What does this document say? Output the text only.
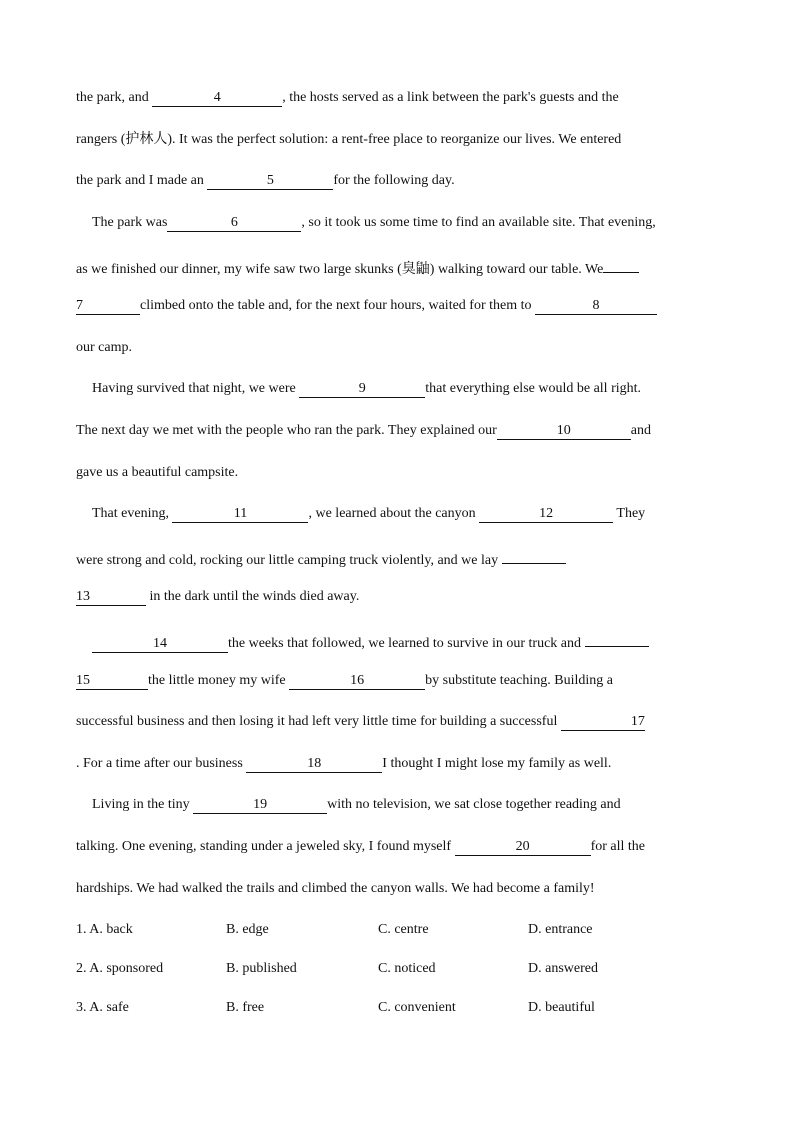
the park, and	4	, the hosts served as a link between the park's guests and the
rangers (护林人). It was the perfect solution: a rent-free place to reorganize our lives. We entered
the park and I made an	5	for the following day.
The park was	6	, so it took us some time to find an available site. That evening,
as we finished our dinner, my wife saw two large skunks (臭鼬) walking toward our table. We
7	climbed onto the table and, for the next four hours, waited for them to	8
our camp.
Having survived that night, we were	9	that everything else would be all right.
The next day we met with the people who ran the park. They explained our	10	and
gave us a beautiful campsite.
That evening,	11	, we learned about the canyon	12	They
were strong and cold, rocking our little camping truck violently, and we lay
13	in the dark until the winds died away.
14	the weeks that followed, we learned to survive in our truck and
15	the little money my wife	16	by substitute teaching. Building a
successful business and then losing it had left very little time for building a successful	17
. For a time after our business	18	I thought I might lose my family as well.
Living in the tiny	19	with no television, we sat close together reading and
talking. One evening, standing under a jeweled sky, I found myself	20	for all the
hardships. We had walked the trails and climbed the canyon walls. We had become a family!
1. A. back	B. edge	C. centre	D. entrance
2. A. sponsored	B. published	C. noticed	D. answered
3. A. safe	B. free	C. convenient	D. beautiful
